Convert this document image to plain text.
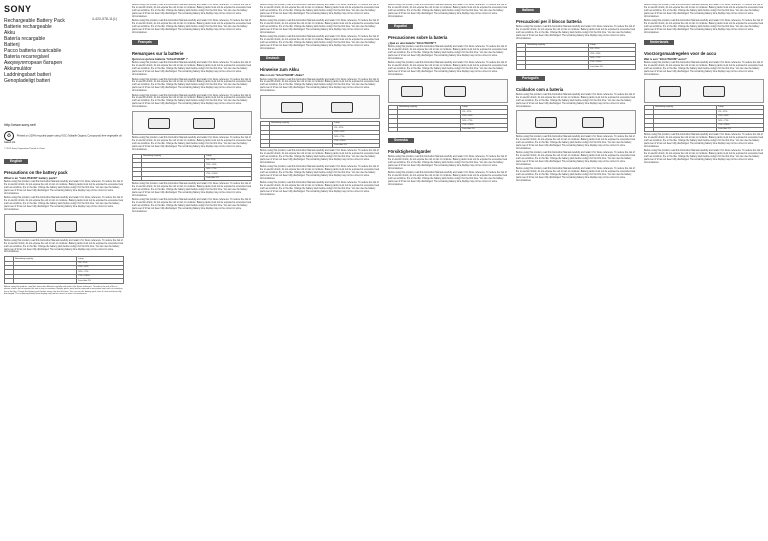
SONY
4-420-578-11(1)
Rechargeable Battery Pack
Batterie rechargeable
Akku
Batería recargable
Batterij
Pacco batteria ricaricabile
Bateria recarregável
Аккумуляторная батарея
Akkumulátor
Laddningsbart batteri
Genopladeligt batteri
http://www.sony.net/
♻ Printed on 100% recycled paper using VOC (Volatile Organic Compound)-free vegetable oil based ink.
© 2012 Sony Corporation Printed in China
English
Precautions on the battery pack
What is an "InfoLITHIUM" battery pack?
Before using this product, read this Instruction Manual carefully and retain it for future reference. To reduce the risk of fire or electric shock, do not expose the unit to rain or moisture. Battery packs must not be exposed to excessive heat such as sunshine, fire or the like. Charge the battery pack before using it for the first time. You can use the battery pack even if it has not been fully discharged. The remaining battery time display may not be correct in some circumstances.
Before using this product, read this Instruction Manual carefully and retain it for future reference. To reduce the risk of fire or electric shock, do not expose the unit to rain or moisture. Battery packs must not be exposed to excessive heat such as sunshine, fire or the like. Charge the battery pack before using it for the first time. You can use the battery pack even if it has not been fully discharged. The remaining battery time display may not be correct in some circumstances.
Before using this product, read this Instruction Manual carefully and retain it for future reference. To reduce the risk of fire or electric shock, do not expose the unit to rain or moisture. Battery packs must not be exposed to excessive heat such as sunshine, fire or the like. Charge the battery pack before using it for the first time. You can use the battery pack even if it has not been fully discharged. The remaining battery time display may not be correct in some circumstances.
	Remaining capacity	Lamp
		0% - 25%
		25% - 50%
		50% - 75%
		75% - 100%
		Less than 1%
Before using this product, read this Instruction Manual carefully and retain it for future reference. To reduce the risk of fire or electric shock, do not expose the unit to rain or moisture. Battery packs must not be exposed to excessive heat such as sunshine, fire or the like. Charge the battery pack before using it for the first time. You can use the battery pack even if it has not been fully discharged. The remaining battery time display may not be correct in some circumstances.
Before using this product, read this Instruction Manual carefully and retain it for future reference. To reduce the risk of fire or electric shock, do not expose the unit to rain or moisture. Battery packs must not be exposed to excessive heat such as sunshine, fire or the like. Charge the battery pack before using it for the first time. You can use the battery pack even if it has not been fully discharged. The remaining battery time display may not be correct in some circumstances.
Before using this product, read this Instruction Manual carefully and retain it for future reference. To reduce the risk of fire or electric shock, do not expose the unit to rain or moisture. Battery packs must not be exposed to excessive heat such as sunshine, fire or the like. Charge the battery pack before using it for the first time. You can use the battery pack even if it has not been fully discharged. The remaining battery time display may not be correct in some circumstances.
Français
Remarques sur la batterie
Qu'est-ce qu'une batterie "InfoLITHIUM" ?
Before using this product, read this Instruction Manual carefully and retain it for future reference. To reduce the risk of fire or electric shock, do not expose the unit to rain or moisture. Battery packs must not be exposed to excessive heat such as sunshine, fire or the like. Charge the battery pack before using it for the first time. You can use the battery pack even if it has not been fully discharged. The remaining battery time display may not be correct in some circumstances.
Before using this product, read this Instruction Manual carefully and retain it for future reference. To reduce the risk of fire or electric shock, do not expose the unit to rain or moisture. Battery packs must not be exposed to excessive heat such as sunshine, fire or the like. Charge the battery pack before using it for the first time. You can use the battery pack even if it has not been fully discharged. The remaining battery time display may not be correct in some circumstances.
Before using this product, read this Instruction Manual carefully and retain it for future reference. To reduce the risk of fire or electric shock, do not expose the unit to rain or moisture. Battery packs must not be exposed to excessive heat such as sunshine, fire or the like. Charge the battery pack before using it for the first time. You can use the battery pack even if it has not been fully discharged. The remaining battery time display may not be correct in some circumstances.
Before using this product, read this Instruction Manual carefully and retain it for future reference. To reduce the risk of fire or electric shock, do not expose the unit to rain or moisture. Battery packs must not be exposed to excessive heat such as sunshine, fire or the like. Charge the battery pack before using it for the first time. You can use the battery pack even if it has not been fully discharged. The remaining battery time display may not be correct in some circumstances.
	Remaining capacity	Lamp
		0% - 25%
		25% - 50%
		50% - 75%
		75% - 100%
		Less than 1%
Before using this product, read this Instruction Manual carefully and retain it for future reference. To reduce the risk of fire or electric shock, do not expose the unit to rain or moisture. Battery packs must not be exposed to excessive heat such as sunshine, fire or the like. Charge the battery pack before using it for the first time. You can use the battery pack even if it has not been fully discharged. The remaining battery time display may not be correct in some circumstances.
Before using this product, read this Instruction Manual carefully and retain it for future reference. To reduce the risk of fire or electric shock, do not expose the unit to rain or moisture. Battery packs must not be exposed to excessive heat such as sunshine, fire or the like. Charge the battery pack before using it for the first time. You can use the battery pack even if it has not been fully discharged. The remaining battery time display may not be correct in some circumstances.
Before using this product, read this Instruction Manual carefully and retain it for future reference. To reduce the risk of fire or electric shock, do not expose the unit to rain or moisture. Battery packs must not be exposed to excessive heat such as sunshine, fire or the like. Charge the battery pack before using it for the first time. You can use the battery pack even if it has not been fully discharged. The remaining battery time display may not be correct in some circumstances.
Before using this product, read this Instruction Manual carefully and retain it for future reference. To reduce the risk of fire or electric shock, do not expose the unit to rain or moisture. Battery packs must not be exposed to excessive heat such as sunshine, fire or the like. Charge the battery pack before using it for the first time. You can use the battery pack even if it has not been fully discharged. The remaining battery time display may not be correct in some circumstances.
Before using this product, read this Instruction Manual carefully and retain it for future reference. To reduce the risk of fire or electric shock, do not expose the unit to rain or moisture. Battery packs must not be exposed to excessive heat such as sunshine, fire or the like. Charge the battery pack before using it for the first time. You can use the battery pack even if it has not been fully discharged. The remaining battery time display may not be correct in some circumstances.
Deutsch
Hinweise zum Akku
Was ist ein "InfoLITHIUM"-Akku?
Before using this product, read this Instruction Manual carefully and retain it for future reference. To reduce the risk of fire or electric shock, do not expose the unit to rain or moisture. Battery packs must not be exposed to excessive heat such as sunshine, fire or the like. Charge the battery pack before using it for the first time. You can use the battery pack even if it has not been fully discharged. The remaining battery time display may not be correct in some circumstances.
	Remaining capacity	Lamp
		0% - 25%
		25% - 50%
		50% - 75%
		75% - 100%
		Less than 1%
Before using this product, read this Instruction Manual carefully and retain it for future reference. To reduce the risk of fire or electric shock, do not expose the unit to rain or moisture. Battery packs must not be exposed to excessive heat such as sunshine, fire or the like. Charge the battery pack before using it for the first time. You can use the battery pack even if it has not been fully discharged. The remaining battery time display may not be correct in some circumstances.
Before using this product, read this Instruction Manual carefully and retain it for future reference. To reduce the risk of fire or electric shock, do not expose the unit to rain or moisture. Battery packs must not be exposed to excessive heat such as sunshine, fire or the like. Charge the battery pack before using it for the first time. You can use the battery pack even if it has not been fully discharged. The remaining battery time display may not be correct in some circumstances.
Before using this product, read this Instruction Manual carefully and retain it for future reference. To reduce the risk of fire or electric shock, do not expose the unit to rain or moisture. Battery packs must not be exposed to excessive heat such as sunshine, fire or the like. Charge the battery pack before using it for the first time. You can use the battery pack even if it has not been fully discharged. The remaining battery time display may not be correct in some circumstances.
Before using this product, read this Instruction Manual carefully and retain it for future reference. To reduce the risk of fire or electric shock, do not expose the unit to rain or moisture. Battery packs must not be exposed to excessive heat such as sunshine, fire or the like. Charge the battery pack before using it for the first time. You can use the battery pack even if it has not been fully discharged. The remaining battery time display may not be correct in some circumstances.
Español
Precauciones sobre la batería
¿Qué es una batería "InfoLITHIUM"?
Before using this product, read this Instruction Manual carefully and retain it for future reference. To reduce the risk of fire or electric shock, do not expose the unit to rain or moisture. Battery packs must not be exposed to excessive heat such as sunshine, fire or the like. Charge the battery pack before using it for the first time. You can use the battery pack even if it has not been fully discharged. The remaining battery time display may not be correct in some circumstances.
Before using this product, read this Instruction Manual carefully and retain it for future reference. To reduce the risk of fire or electric shock, do not expose the unit to rain or moisture. Battery packs must not be exposed to excessive heat such as sunshine, fire or the like. Charge the battery pack before using it for the first time. You can use the battery pack even if it has not been fully discharged. The remaining battery time display may not be correct in some circumstances.
	Remaining capacity	Lamp
		0% - 25%
		25% - 50%
		50% - 75%
		75% - 100%
		Less than 1%
Svenska
Försiktighetsåtgärder
Before using this product, read this Instruction Manual carefully and retain it for future reference. To reduce the risk of fire or electric shock, do not expose the unit to rain or moisture. Battery packs must not be exposed to excessive heat such as sunshine, fire or the like. Charge the battery pack before using it for the first time. You can use the battery pack even if it has not been fully discharged. The remaining battery time display may not be correct in some circumstances.
Before using this product, read this Instruction Manual carefully and retain it for future reference. To reduce the risk of fire or electric shock, do not expose the unit to rain or moisture. Battery packs must not be exposed to excessive heat such as sunshine, fire or the like. Charge the battery pack before using it for the first time. You can use the battery pack even if it has not been fully discharged. The remaining battery time display may not be correct in some circumstances.
Italiano
Precauzioni per il blocco batteria
Before using this product, read this Instruction Manual carefully and retain it for future reference. To reduce the risk of fire or electric shock, do not expose the unit to rain or moisture. Battery packs must not be exposed to excessive heat such as sunshine, fire or the like. Charge the battery pack before using it for the first time. You can use the battery pack even if it has not been fully discharged. The remaining battery time display may not be correct in some circumstances.
	Remaining capacity	Lamp
		0% - 25%
		25% - 50%
		50% - 75%
		75% - 100%
		Less than 1%
Português
Cuidados com a bateria
Before using this product, read this Instruction Manual carefully and retain it for future reference. To reduce the risk of fire or electric shock, do not expose the unit to rain or moisture. Battery packs must not be exposed to excessive heat such as sunshine, fire or the like. Charge the battery pack before using it for the first time. You can use the battery pack even if it has not been fully discharged. The remaining battery time display may not be correct in some circumstances.
Before using this product, read this Instruction Manual carefully and retain it for future reference. To reduce the risk of fire or electric shock, do not expose the unit to rain or moisture. Battery packs must not be exposed to excessive heat such as sunshine, fire or the like. Charge the battery pack before using it for the first time. You can use the battery pack even if it has not been fully discharged. The remaining battery time display may not be correct in some circumstances.
Before using this product, read this Instruction Manual carefully and retain it for future reference. To reduce the risk of fire or electric shock, do not expose the unit to rain or moisture. Battery packs must not be exposed to excessive heat such as sunshine, fire or the like. Charge the battery pack before using it for the first time. You can use the battery pack even if it has not been fully discharged. The remaining battery time display may not be correct in some circumstances.
Before using this product, read this Instruction Manual carefully and retain it for future reference. To reduce the risk of fire or electric shock, do not expose the unit to rain or moisture. Battery packs must not be exposed to excessive heat such as sunshine, fire or the like. Charge the battery pack before using it for the first time. You can use the battery pack even if it has not been fully discharged. The remaining battery time display may not be correct in some circumstances.
Before using this product, read this Instruction Manual carefully and retain it for future reference. To reduce the risk of fire or electric shock, do not expose the unit to rain or moisture. Battery packs must not be exposed to excessive heat such as sunshine, fire or the like. Charge the battery pack before using it for the first time. You can use the battery pack even if it has not been fully discharged. The remaining battery time display may not be correct in some circumstances.
Before using this product, read this Instruction Manual carefully and retain it for future reference. To reduce the risk of fire or electric shock, do not expose the unit to rain or moisture. Battery packs must not be exposed to excessive heat such as sunshine, fire or the like. Charge the battery pack before using it for the first time. You can use the battery pack even if it has not been fully discharged. The remaining battery time display may not be correct in some circumstances.
Nederlands
Voorzorgsmaatregelen voor de accu
Wat is een "InfoLITHIUM"-accu?
Before using this product, read this Instruction Manual carefully and retain it for future reference. To reduce the risk of fire or electric shock, do not expose the unit to rain or moisture. Battery packs must not be exposed to excessive heat such as sunshine, fire or the like. Charge the battery pack before using it for the first time. You can use the battery pack even if it has not been fully discharged. The remaining battery time display may not be correct in some circumstances.
	Remaining capacity	Lamp
		0% - 25%
		25% - 50%
		50% - 75%
		75% - 100%
		Less than 1%
Before using this product, read this Instruction Manual carefully and retain it for future reference. To reduce the risk of fire or electric shock, do not expose the unit to rain or moisture. Battery packs must not be exposed to excessive heat such as sunshine, fire or the like. Charge the battery pack before using it for the first time. You can use the battery pack even if it has not been fully discharged. The remaining battery time display may not be correct in some circumstances.
Before using this product, read this Instruction Manual carefully and retain it for future reference. To reduce the risk of fire or electric shock, do not expose the unit to rain or moisture. Battery packs must not be exposed to excessive heat such as sunshine, fire or the like. Charge the battery pack before using it for the first time. You can use the battery pack even if it has not been fully discharged. The remaining battery time display may not be correct in some circumstances.
